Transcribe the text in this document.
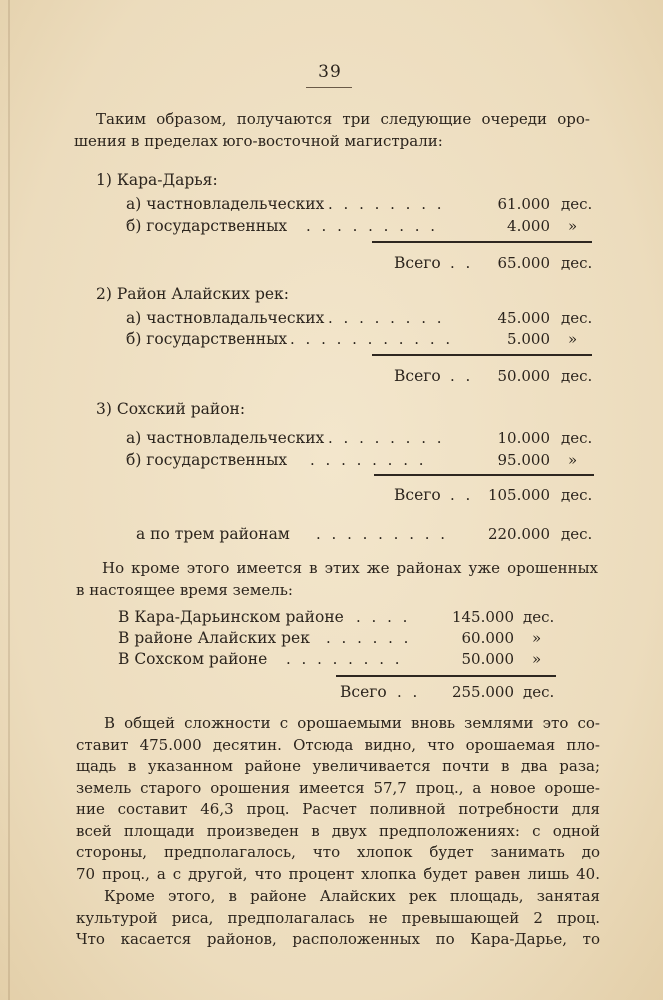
39
Таким образом, получаются три следующие очереди оро-
шения в пределах юго-восточной магистрали:
1) Кара-Дарья:
а) частновладельческих . . . . . . . .	61.000 дес.
б) государственных . . . . . . . . .	4.000 »
Всего . .	65.000 дес.
2) Район Алайских рек:
а) частновладальческих . . . . . . . .	45.000 дес.
б) государственных . . . . . . . . . . .	5.000 »
Всего . .	50.000 дес.
3) Сохский район:
а) частновладельческих . . . . . . . .	10.000 дес.
б) государственных . . . . . . . .	95.000 »
Всего . . 105.000 дес.
а по трем районам . . . . . . . . .	220.000 дес.
Но кроме этого имеется в этих же районах уже орошенных
в настоящее время земель:
В Кара-Дарьинском районе . . . .	145.000 дес.
В районе Алайских рек . . . . . .	60.000 »
В Сохском районе . . . . . . . .	50.000 »
Всего . .	255.000 дес.
В общей сложности с орошаемыми вновь землями это со-
ставит 475.000 десятин. Отсюда видно, что орошаемая пло-
щадь в указанном районе увеличивается почти в два раза;
земель старого орошения имеется 57,7 проц., а новое ороше-
ние составит 46,3 проц. Расчет поливной потребности для
всей площади произведен в двух предположениях: с одной
стороны, предполагалось, что хлопок будет занимать до
70 проц., а с другой, что процент хлопка будет равен лишь 40.
Кроме этого, в районе Алайских рек площадь, занятая
культурой риса, предполагалась не превышающей 2 проц.
Что касается районов, расположенных по Кара-Дарье, то
